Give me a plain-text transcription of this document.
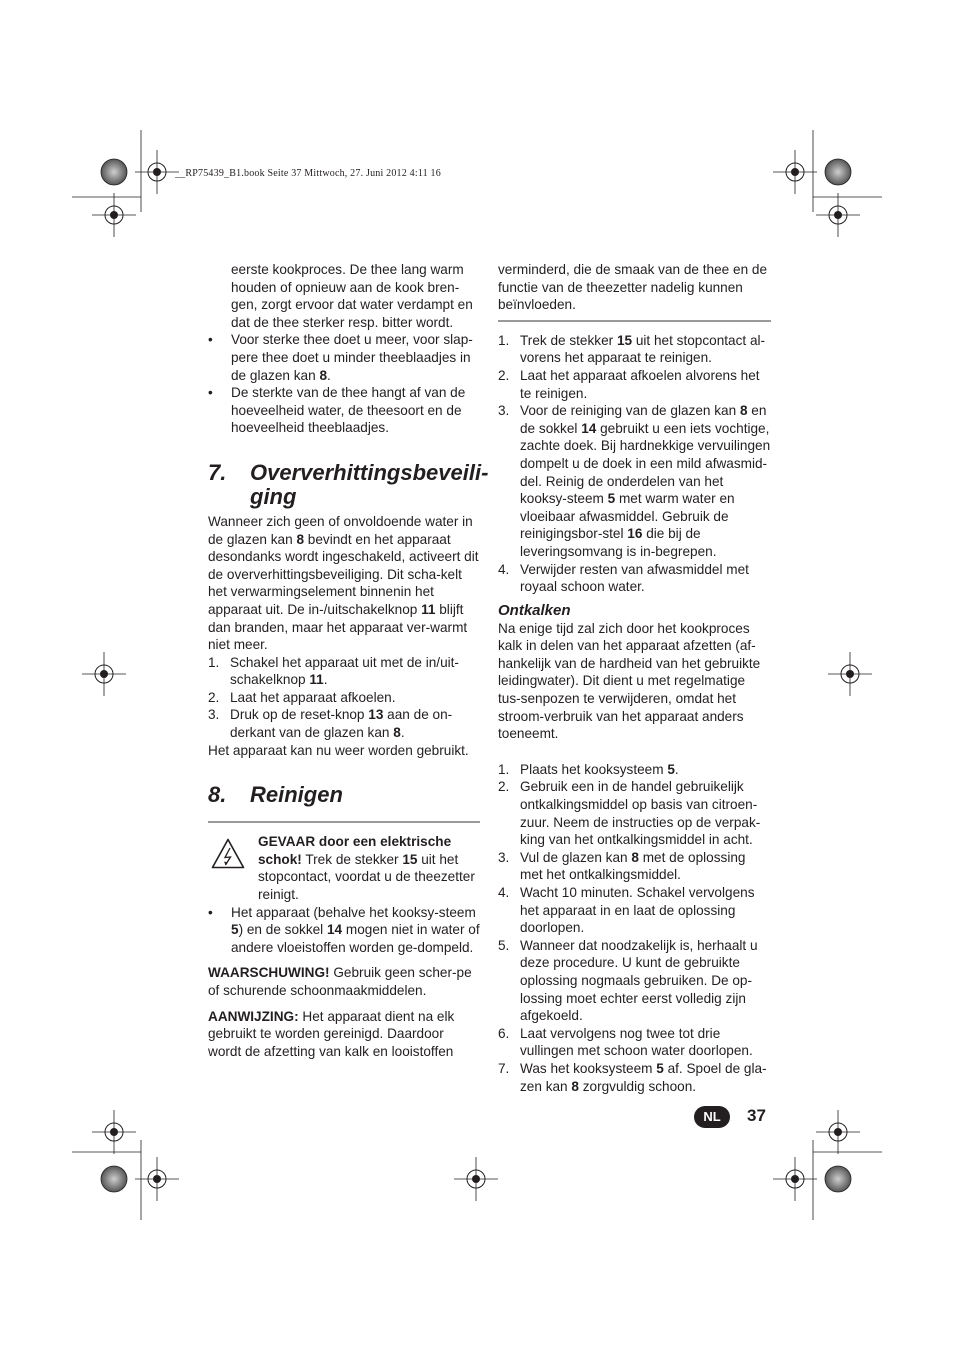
__RP75439_B1.book Seite 37 Mittwoch, 27. Juni 2012 4:11 16

eerste kookproces. De thee lang warm houden of opnieuw aan de kook bren-gen, zorgt ervoor dat water verdampt en dat de thee sterker resp. bitter wordt.

• Voor sterke thee doet u meer, voor slap-pere thee doet u minder theeblaadjes in de glazen kan 8.
• De sterkte van de thee hangt af van de hoeveelheid water, de theesoort en de hoeveelheid theeblaadjes.
7. Oververhittingsbeveili-
ging

Wanneer zich geen of onvoldoende water in de glazen kan 8 bevindt en het apparaat desondanks wordt ingeschakeld, activeert dit de oververhittingsbeveiliging. Dit scha-kelt het verwarmingselement binnenin het apparaat uit. De in-/uitschakelknop 11 blijft dan branden, maar het apparaat ver-warmt niet meer.

1. Schakel het apparaat uit met de in/uit-schakelknop 11.
2. Laat het apparaat afkoelen.
3. Druk op de reset-knop 13 aan de on-derkant van de glazen kan 8.

Het apparaat kan nu weer worden gebruikt.

8. Reinigen
GEVAAR door een elektrische schok! Trek de stekker 15 uit het stopcontact, voordat u de theezetter reinigt.
• Het apparaat (behalve het kooksy-steem 5) en de sokkel 14 mogen niet in water of andere vloeistoffen worden ge-dompeld.

WAARSCHUWING! Gebruik geen scher-pe of schurende schoonmaakmiddelen.

AANWIJZING: Het apparaat dient na elk gebruikt te worden gereinigd. Daardoor wordt de afzetting van kalk en looistoffen

verminderd, die de smaak van de thee en de functie van de theezetter nadelig kunnen beïnvloeden.

1. Trek de stekker 15 uit het stopcontact al-vorens het apparaat te reinigen.
2. Laat het apparaat afkoelen alvorens het te reinigen.
3. Voor de reiniging van de glazen kan 8 en de sokkel 14 gebruikt u een iets vochtige, zachte doek. Bij hardnekkige vervuilingen dompelt u de doek in een mild afwasmid-del. Reinig de onderdelen van het kooksy-steem 5 met warm water en vloeibaar afwasmiddel. Gebruik de reinigingsbor-stel 16 die bij de leveringsomvang is in-begrepen.
4. Verwijder resten van afwasmiddel met royaal schoon water.
Ontkalken

Na enige tijd zal zich door het kookproces kalk in delen van het apparaat afzetten (af-hankelijk van de hardheid van het gebruikte leidingwater). Dit dient u met regelmatige tus-senpozen te verwijderen, omdat het stroom-verbruik van het apparaat anders toeneemt.

1. Plaats het kooksysteem 5.
2. Gebruik een in de handel gebruikelijk ontkalkingsmiddel op basis van citroen-zuur. Neem de instructies op de verpak-king van het ontkalkingsmiddel in acht.
3. Vul de glazen kan 8 met de oplossing met het ontkalkingsmiddel.
4. Wacht 10 minuten. Schakel vervolgens het apparaat in en laat de oplossing doorlopen.
5. Wanneer dat noodzakelijk is, herhaalt u deze procedure. U kunt de gebruikte oplossing nogmaals gebruiken. De op-lossing moet echter eerst volledig zijn afgekoeld.
6. Laat vervolgens nog twee tot drie vullingen met schoon water doorlopen.
7. Was het kooksysteem 5 af. Spoel de gla-zen kan 8 zorgvuldig schoon.
NL	37
